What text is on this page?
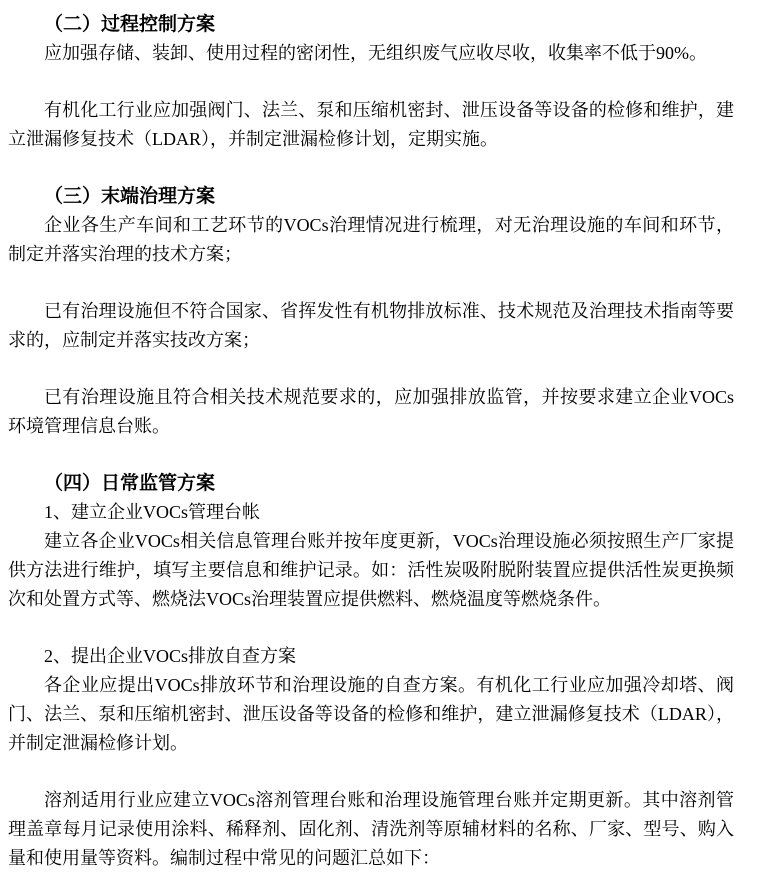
（二）过程控制方案

应加强存储、装卸、使用过程的密闭性，无组织废气应收尽收，收集率不低于90%。

有机化工行业应加强阀门、法兰、泵和压缩机密封、泄压设备等设备的检修和维护，建立泄漏修复技术（LDAR），并制定泄漏检修计划，定期实施。

（三）末端治理方案

企业各生产车间和工艺环节的VOCs治理情况进行梳理，对无治理设施的车间和环节，制定并落实治理的技术方案；

已有治理设施但不符合国家、省挥发性有机物排放标准、技术规范及治理技术指南等要求的，应制定并落实技改方案；

已有治理设施且符合相关技术规范要求的，应加强排放监管，并按要求建立企业VOCs环境管理信息台账。

（四）日常监管方案

1、建立企业VOCs管理台帐

建立各企业VOCs相关信息管理台账并按年度更新，VOCs治理设施必须按照生产厂家提供方法进行维护，填写主要信息和维护记录。如：活性炭吸附脱附装置应提供活性炭更换频次和处置方式等、燃烧法VOCs治理装置应提供燃料、燃烧温度等燃烧条件。

2、提出企业VOCs排放自查方案

各企业应提出VOCs排放环节和治理设施的自查方案。有机化工行业应加强冷却塔、阀门、法兰、泵和压缩机密封、泄压设备等设备的检修和维护，建立泄漏修复技术（LDAR），并制定泄漏检修计划。

溶剂适用行业应建立VOCs溶剂管理台账和治理设施管理台账并定期更新。其中溶剂管理盖章每月记录使用涂料、稀释剂、固化剂、清洗剂等原辅材料的名称、厂家、型号、购入量和使用量等资料。编制过程中常见的问题汇总如下：
